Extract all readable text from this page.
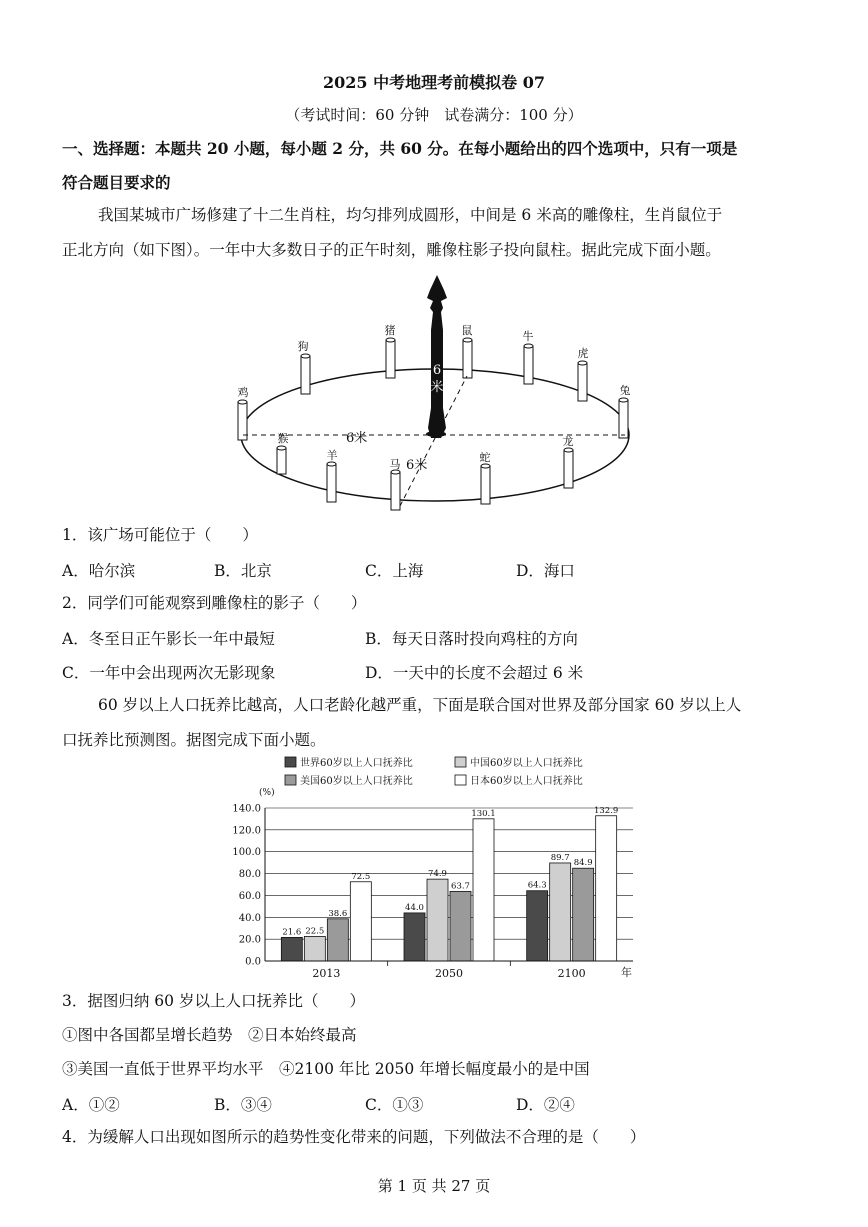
2025 中考地理考前模拟卷 07
（考试时间：60 分钟　试卷满分：100 分）
一、选择题：本题共 20 小题，每小题 2 分，共 60 分。在每小题给出的四个选项中，只有一项是
符合题目要求的
我国某城市广场修建了十二生肖柱，均匀排列成圆形，中间是 6 米高的雕像柱，生肖鼠位于
正北方向（如下图）。一年中大多数日子的正午时刻，雕像柱影子投向鼠柱。据此完成下面小题。
鼠
猪	牛
狗
虎
鸡	兔
猴	龙
羊	蛇
马
6米
6米
6
米
1．该广场可能位于（　　）
A．哈尔滨	B．北京	C．上海	D．海口
2．同学们可能观察到雕像柱的影子（　　）
A．冬至日正午影长一年中最短	B．每天日落时投向鸡柱的方向
C．一年中会出现两次无影现象	D．一天中的长度不会超过 6 米
60 岁以上人口抚养比越高，人口老龄化越严重，下面是联合国对世界及部分国家 60 岁以上人
口抚养比预测图。据图完成下面小题。
世界60岁以上人口抚养比	中国60岁以上人口抚养比
美国60岁以上人口抚养比	日本60岁以上人口抚养比
0.0
20.0
40.0
60.0
80.0
100.0
120.0
140.0
21.6 22.5
38.6
72.5
44.0
74.9
63.7
130.1
64.3
89.7
84.9
132.9
2013	2050	2100
(%)
年
3．据图归纳 60 岁以上人口抚养比（　　）
①图中各国都呈增长趋势　②日本始终最高
③美国一直低于世界平均水平　④2100 年比 2050 年增长幅度最小的是中国
A．①②	B．③④	C．①③	D．②④
4．为缓解人口出现如图所示的趋势性变化带来的问题，下列做法不合理的是（　　）
第 1 页 共 27 页
